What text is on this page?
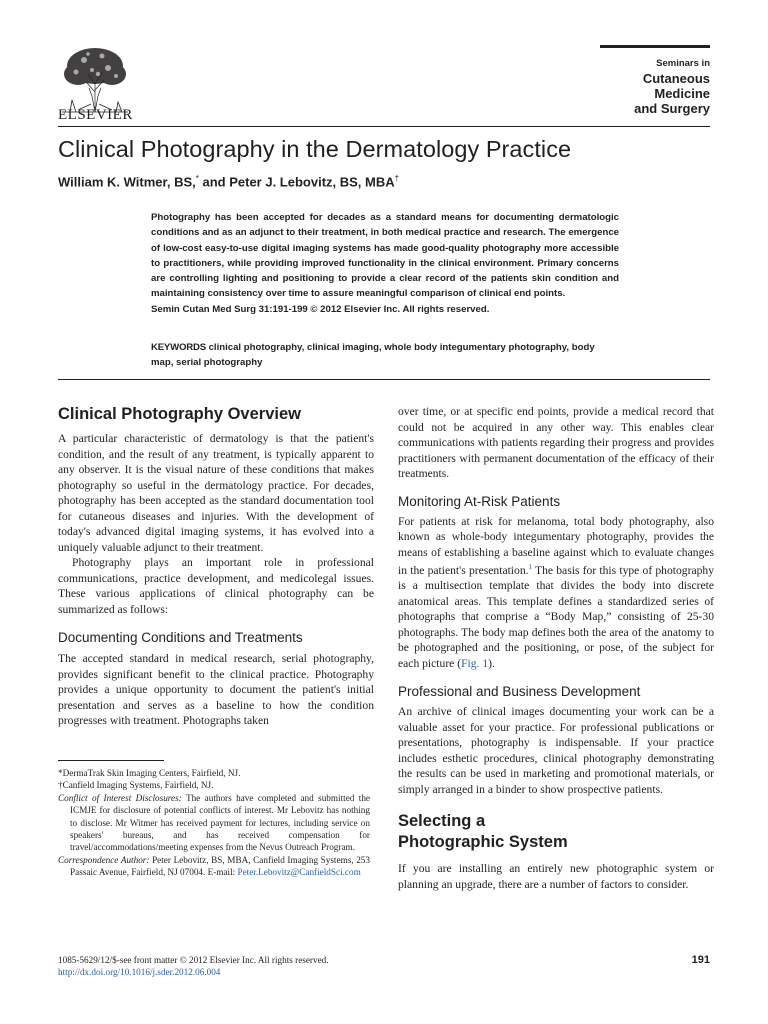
ELSEVIER
Seminars in
Cutaneous
Medicine
and Surgery
Clinical Photography in the Dermatology Practice
William K. Witmer, BS,* and Peter J. Lebovitz, BS, MBA†

Photography has been accepted for decades as a standard means for documenting dermatologic conditions and as an adjunct to their treatment, in both medical practice and research. The emergence of low-cost easy-to-use digital imaging systems has made good-quality photography more accessible to practitioners, while providing improved functionality in the clinical environment. Primary concerns are controlling lighting and positioning to provide a clear record of the patients skin condition and maintaining consistency over time to assure meaningful comparison of clinical end points.

Semin Cutan Med Surg 31:191-199 © 2012 Elsevier Inc. All rights reserved.

KEYWORDS clinical photography, clinical imaging, whole body integumentary photography, body map, serial photography
Clinical Photography Overview

A particular characteristic of dermatology is that the patient's condition, and the result of any treatment, is typically apparent to any observer. It is the visual nature of these conditions that makes photography so useful in the dermatology practice. For decades, photography has been accepted as the standard documentation tool for cutaneous diseases and injuries. With the development of today's advanced digital imaging systems, it has evolved into a uniquely valuable adjunct to their treatment.

Photography plays an important role in professional communications, practice development, and medicolegal issues. These various applications of clinical photography can be summarized as follows:

Documenting Conditions and Treatments

The accepted standard in medical research, serial photography, provides significant benefit to the clinical practice. Photography provides a unique opportunity to document the patient's initial presentation and serves as a baseline to how the condition progresses with treatment. Photographs taken

over time, or at specific end points, provide a medical record that could not be acquired in any other way. This enables clear communications with patients regarding their progress and provides practitioners with permanent documentation of the efficacy of their treatments.

Monitoring At-Risk Patients

For patients at risk for melanoma, total body photography, also known as whole-body integumentary photography, provides the means of establishing a baseline against which to evaluate changes in the patient's presentation.$^1$ The basis for this type of photography is a multisection template that divides the body into discrete anatomical areas. This template defines a standardized series of photographs that comprise a “Body Map,” consisting of 25-30 photographs. The body map defines both the area of the anatomy to be photographed and the positioning, or pose, of the subject for each picture (Fig. 1).

Professional and Business Development

An archive of clinical images documenting your work can be a valuable asset for your practice. For professional publications or presentations, photography is indispensable. If your practice includes esthetic procedures, clinical photography demonstrating the results can be used in marketing and promotional materials, or simply arranged in a binder to show prospective patients.

Selecting a
Photographic System

If you are installing an entirely new photographic system or planning an upgrade, there are a number of factors to consider.

*DermaTrak Skin Imaging Centers, Fairfield, NJ.

†Canfield Imaging Systems, Fairfield, NJ.

Conflict of Interest Disclosures: The authors have completed and submitted the ICMJE for disclosure of potential conflicts of interest. Mr Lebovitz has nothing to disclose. Mr Witmer has received payment for lectures, including service on speakers' bureaus, and has received compensation for travel/accommodations/meeting expenses from the Nevus Outreach Program.

Correspondence Author: Peter Lebovitz, BS, MBA, Canfield Imaging Systems, 253 Passaic Avenue, Fairfield, NJ 07004. E-mail: Peter.Lebovitz@CanfieldSci.com

1085-5629/12/$-see front matter © 2012 Elsevier Inc. All rights reserved.
http://dx.doi.org/10.1016/j.sder.2012.06.004
191
